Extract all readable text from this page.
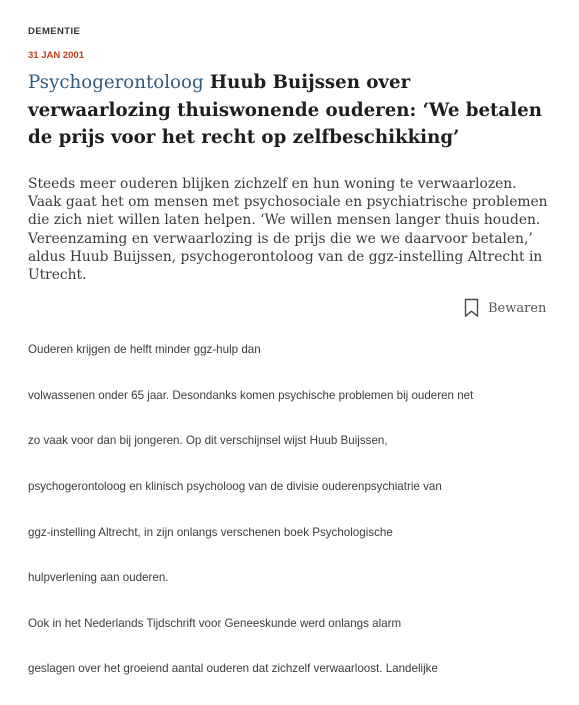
DEMENTIE
31 JAN 2001
Psychogerontoloog Huub Buijssen over verwaarlozing thuiswonende ouderen: ‘We betalen de prijs voor het recht op zelfbeschikking’

Steeds meer ouderen blijken zichzelf en hun woning te verwaarlozen. Vaak gaat het om mensen met psychosociale en psychiatrische problemen die zich niet willen laten helpen. ‘We willen mensen langer thuis houden. Vereenzaming en verwaarlozing is de prijs die we we daarvoor betalen,’ aldus Huub Buijssen, psychogerontoloog van de ggz-instelling Altrecht in Utrecht.

Bewaren

Ouderen krijgen de helft minder ggz-hulp dan

volwassenen onder 65 jaar. Desondanks komen psychische problemen bij ouderen net

zo vaak voor dan bij jongeren. Op dit verschijnsel wijst Huub Buijssen,

psychogerontoloog en klinisch psycholoog van de divisie ouderenpsychiatrie van

ggz-instelling Altrecht, in zijn onlangs verschenen boek Psychologische

hulpverlening aan ouderen.

Ook in het Nederlands Tijdschrift voor Geneeskunde werd onlangs alarm

geslagen over het groeiend aantal ouderen dat zichzelf verwaarloost. Landelijke
